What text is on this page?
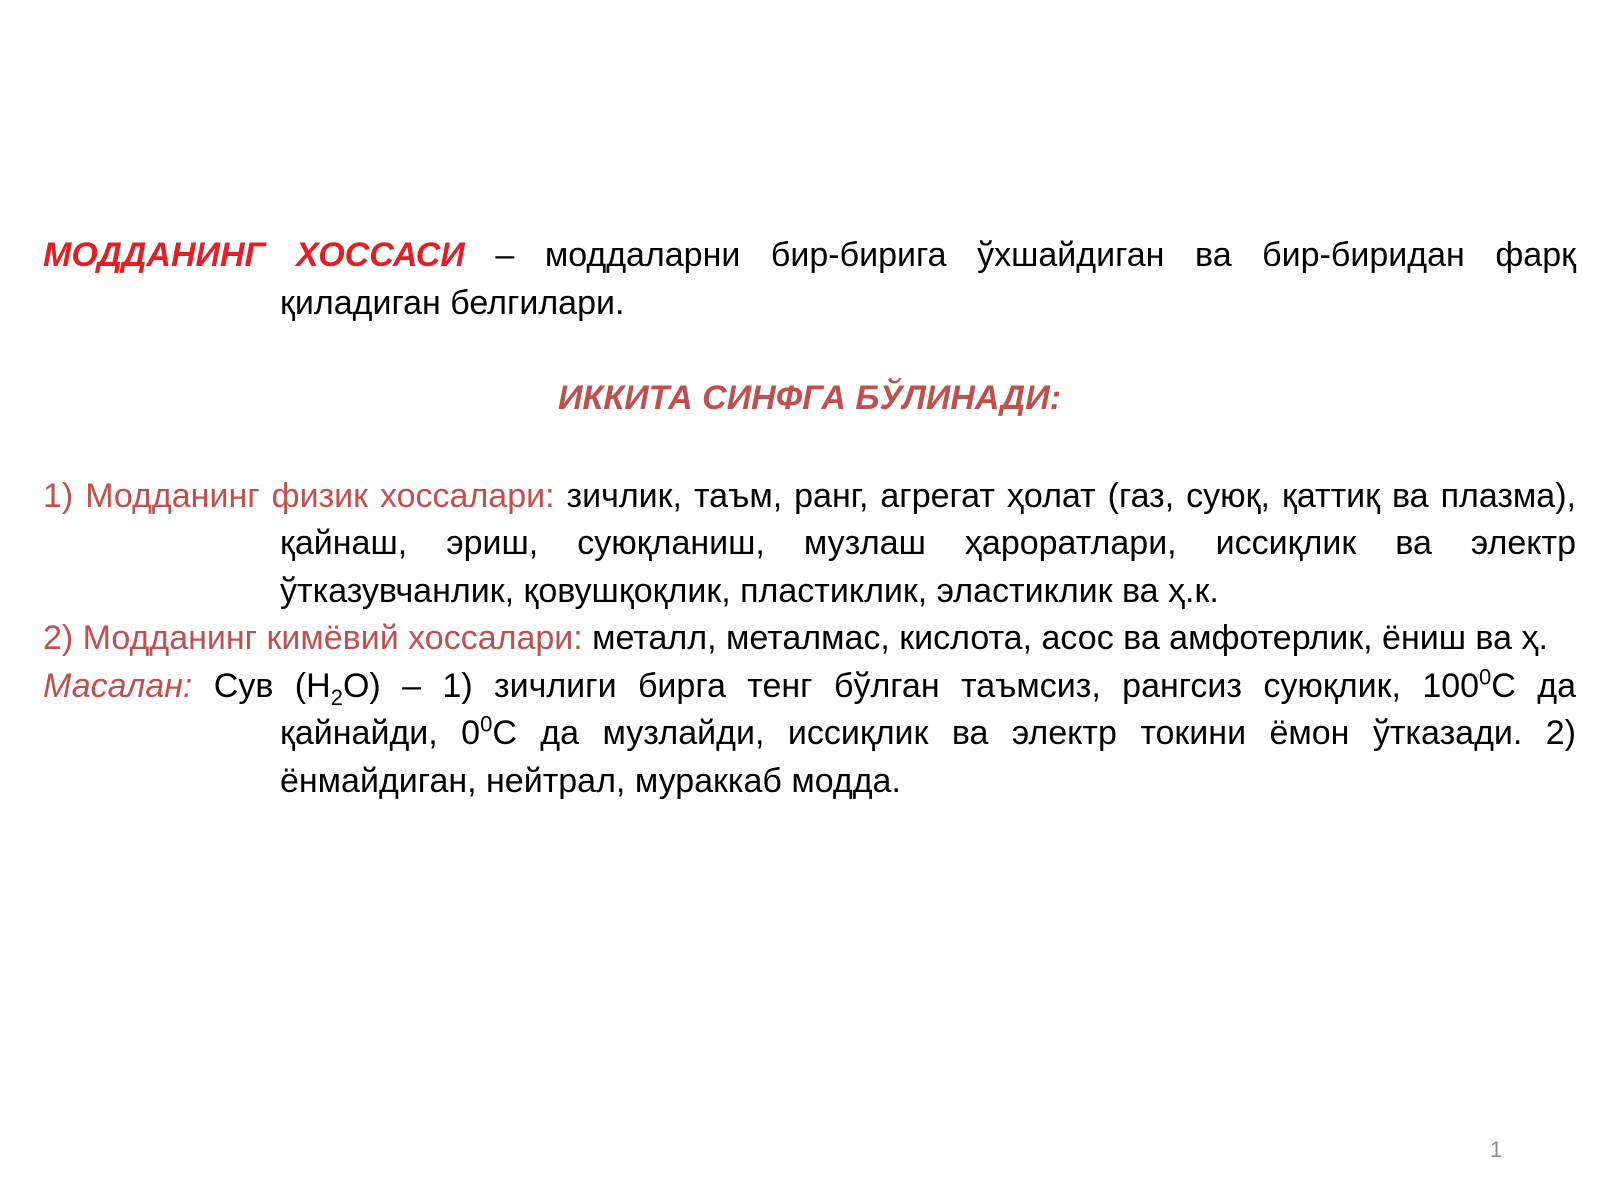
МОДДАНИНГ ХОССАСИ – моддаларни бир-бирига ўхшайдиган ва бир-биридан фарқ қиладиган белгилари.

ИККИТА СИНФГА БЎЛИНАДИ:

1) Модданинг физик хоссалари: зичлик, таъм, ранг, агрегат ҳолат (газ, суюқ, қаттиқ ва плазма), қайнаш, эриш, суюқланиш, музлаш ҳароратлари, иссиқлик ва электр ўтказувчанлик, қовушқоқлик, пластиклик, эластиклик ва ҳ.к.

2) Модданинг кимёвий хоссалари: металл, металмас, кислота, асос ва амфотерлик, ёниш ва ҳ.

Масалан: Сув $(Н_2О) - 1$) зичлиги бирга тенг бўлган таъмсиз, рангсиз суюқлик, $100^0С$ да қайнайди, $0^0С$ да музлайди, иссиқлик ва электр токини ёмон ўтказади. 2) ёнмайдиган, нейтрал, мураккаб модда.

1
